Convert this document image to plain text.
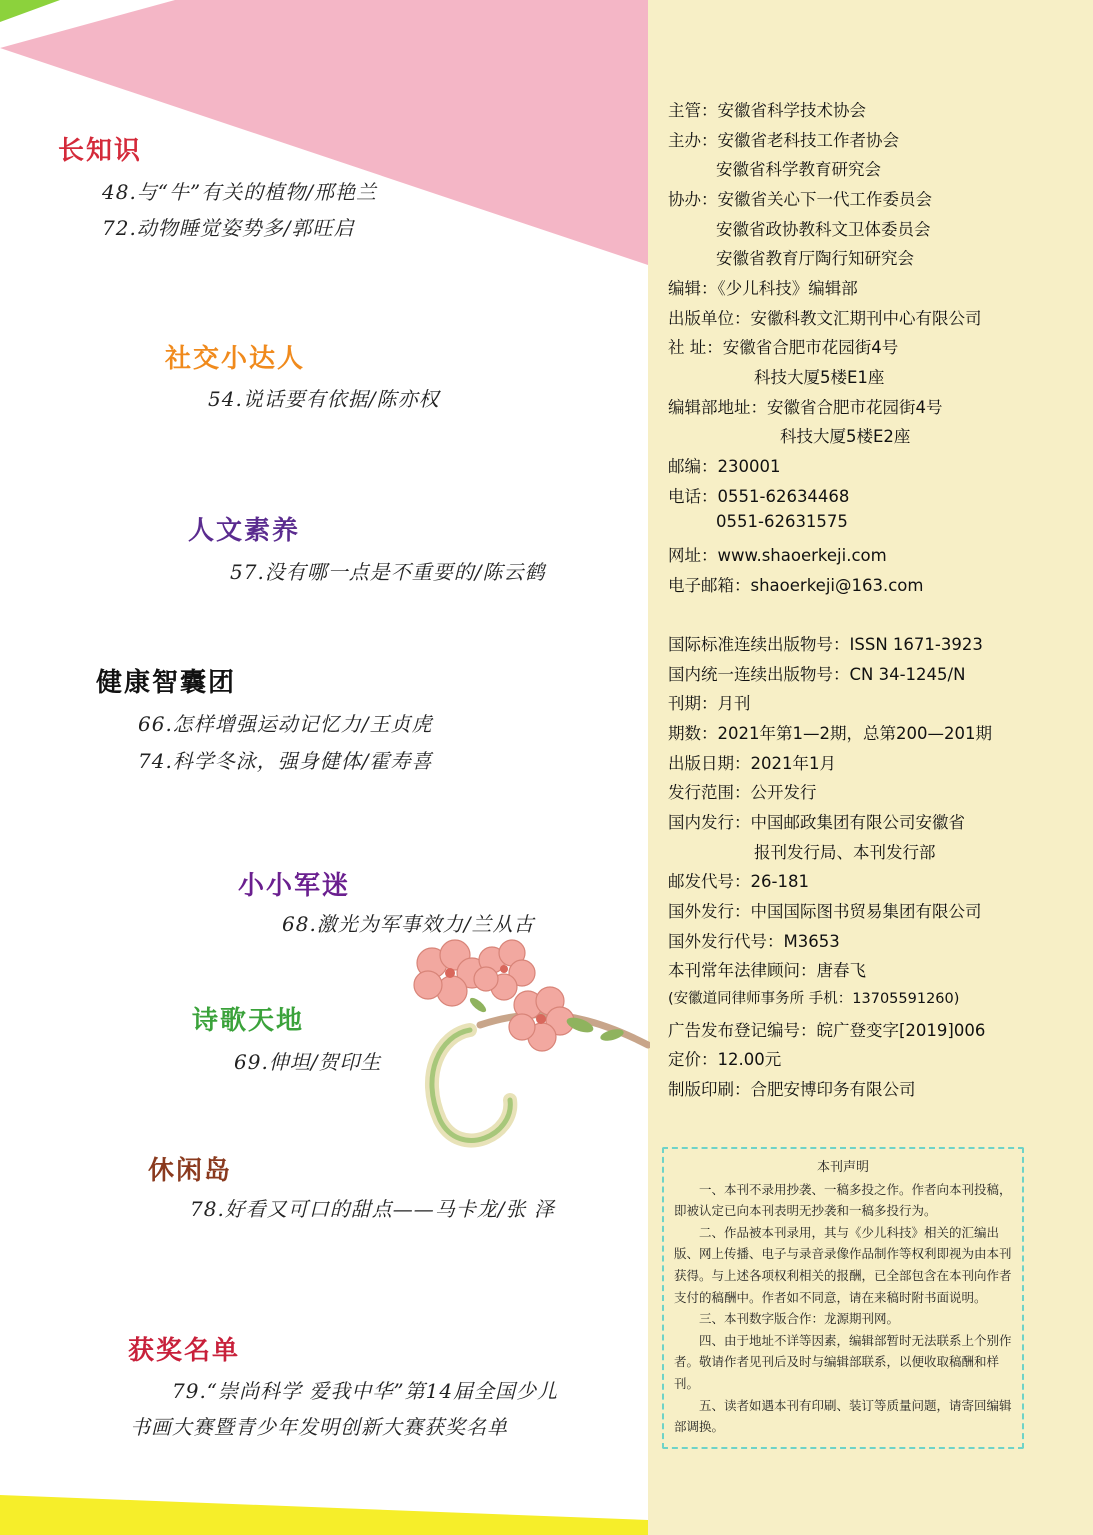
长知识
48.与“牛”有关的植物/邢艳兰
72.动物睡觉姿势多/郭旺启
社交小达人
54.说话要有依据/陈亦权
人文素养
57.没有哪一点是不重要的/陈云鹤
健康智囊团
66.怎样增强运动记忆力/王贞虎
74.科学冬泳，强身健体/霍寿喜
小小军迷
68.激光为军事效力/兰从古
诗歌天地
69.伸坦/贺印生
休闲岛
78.好看又可口的甜点——马卡龙/张 泽
获奖名单
79.“崇尚科学 爱我中华”第14届全国少儿
书画大赛暨青少年发明创新大赛获奖名单
主管：安徽省科学技术协会
主办：安徽省老科技工作者协会
安徽省科学教育研究会
协办：安徽省关心下一代工作委员会
安徽省政协教科文卫体委员会
安徽省教育厅陶行知研究会
编辑：《少儿科技》编辑部
出版单位：安徽科教文汇期刊中心有限公司
社 址：安徽省合肥市花园街4号
科技大厦5楼E1座
编辑部地址：安徽省合肥市花园街4号
科技大厦5楼E2座
邮编：230001
电话：0551-62634468
0551-62631575
网址：www.shaoerkeji.com
电子邮箱：shaoerkeji@163.com
国际标准连续出版物号：ISSN 1671-3923
国内统一连续出版物号：CN 34-1245/N
刊期：月刊
期数：2021年第1—2期，总第200—201期
出版日期：2021年1月
发行范围：公开发行
国内发行：中国邮政集团有限公司安徽省
报刊发行局、本刊发行部
邮发代号：26-181
国外发行：中国国际图书贸易集团有限公司
国外发行代号：M3653
本刊常年法律顾问：唐春飞
(安徽道同律师事务所 手机：13705591260)
广告发布登记编号：皖广登变字[2019]006
定价：12.00元
制版印刷：合肥安博印务有限公司
本刊声明

一、本刊不录用抄袭、一稿多投之作。作者向本刊投稿，即被认定已向本刊表明无抄袭和一稿多投行为。

二、作品被本刊录用，其与《少儿科技》相关的汇编出版、网上传播、电子与录音录像作品制作等权利即视为由本刊获得。与上述各项权利相关的报酬，已全部包含在本刊向作者支付的稿酬中。作者如不同意，请在来稿时附书面说明。

三、本刊数字版合作：龙源期刊网。

四、由于地址不详等因素，编辑部暂时无法联系上个别作者。敬请作者见刊后及时与编辑部联系，以便收取稿酬和样刊。

五、读者如遇本刊有印刷、装订等质量问题，请寄回编辑部调换。
